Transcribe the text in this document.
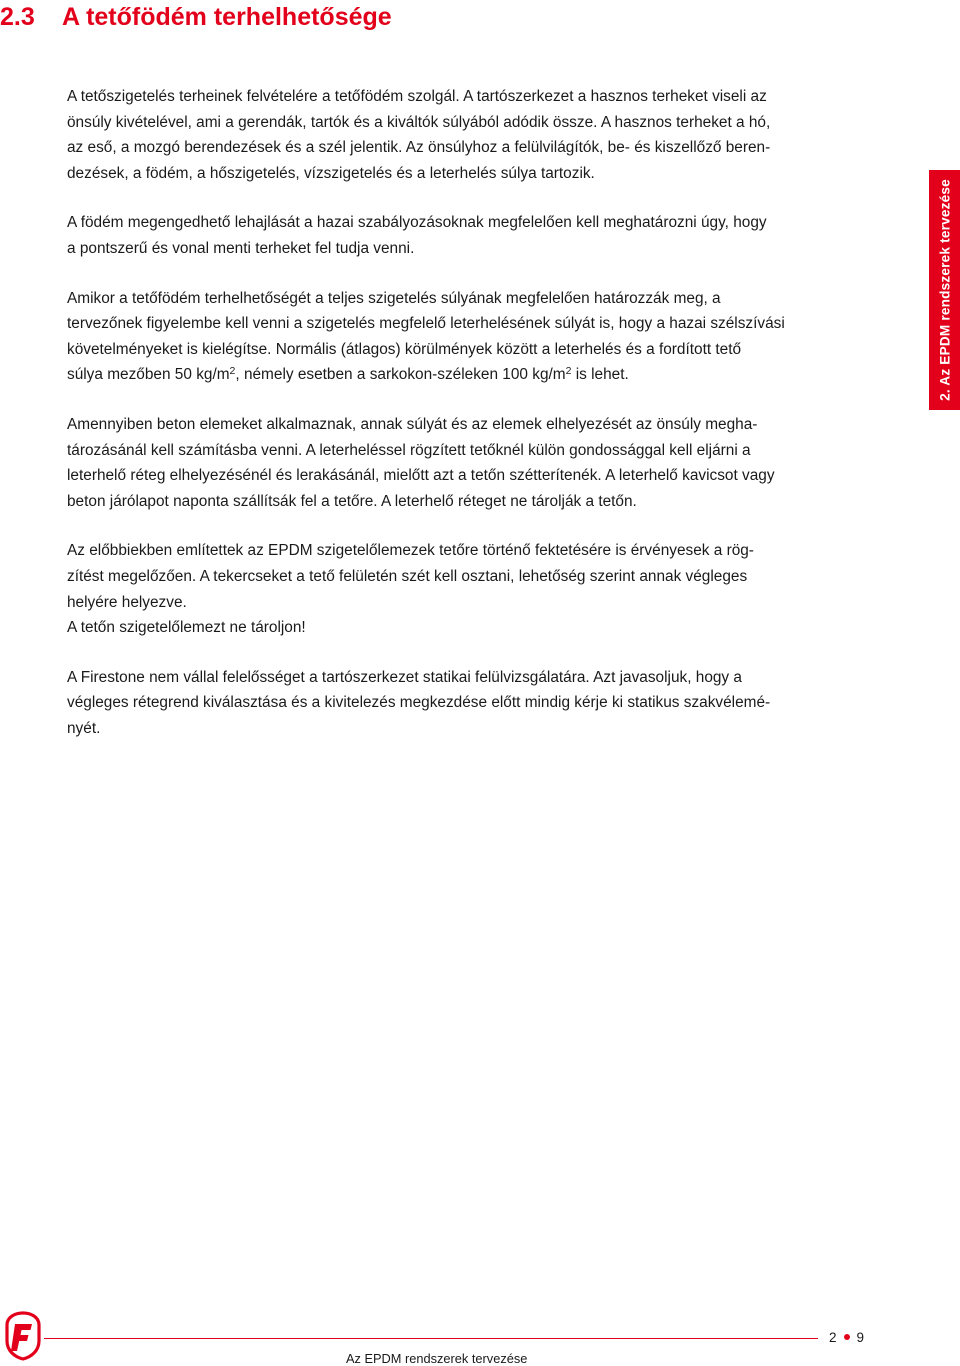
2.3 A tetőfödém terhelhetősége

A tetőszigetelés terheinek felvételére a tetőfödém szolgál. A tartószerkezet a hasznos terheket viseli az
önsúly kivételével, ami a gerendák, tartók és a kiváltók súlyából adódik össze. A hasznos terheket a hó,
az eső, a mozgó berendezések és a szél jelentik. Az önsúlyhoz a felülvilágítók, be- és kiszellőző beren-
dezések, a födém, a hőszigetelés, vízszigetelés és a leterhelés súlya tartozik.

A födém megengedhető lehajlását a hazai szabályozásoknak megfelelően kell meghatározni úgy, hogy
a pontszerű és vonal menti terheket fel tudja venni.

Amikor a tetőfödém terhelhetőségét a teljes szigetelés súlyának megfelelően határozzák meg, a
tervezőnek figyelembe kell venni a szigetelés megfelelő leterhelésének súlyát is, hogy a hazai szélszívási
követelményeket is kielégítse. Normális (átlagos) körülmények között a leterhelés és a fordított tető
súlya mezőben 50 $kg/m^2$, némely esetben a sarkokon-széleken 100 $kg/m^2$ is lehet.

Amennyiben beton elemeket alkalmaznak, annak súlyát és az elemek elhelyezését az önsúly megha-
tározásánál kell számításba venni. A leterheléssel rögzített tetőknél külön gondossággal kell eljárni a
leterhelő réteg elhelyezésénél és lerakásánál, mielőtt azt a tetőn szétterítenék. A leterhelő kavicsot vagy
beton járólapot naponta szállítsák fel a tetőre. A leterhelő réteget ne tárolják a tetőn.

Az előbbiekben említettek az EPDM szigetelőlemezek tetőre történő fektetésére is érvényesek a rög-
zítést megelőzően. A tekercseket a tető felületén szét kell osztani, lehetőség szerint annak végleges
helyére helyezve.
A tetőn szigetelőlemezt ne tároljon!

A Firestone nem vállal felelősséget a tartószerkezet statikai felülvizsgálatára. Azt javasoljuk, hogy a
végleges rétegrend kiválasztása és a kivitelezés megkezdése előtt mindig kérje ki statikus szakvélemé-
nyét.

2. Az EPDM rendszerek tervezése
2 9
Az EPDM rendszerek tervezése
